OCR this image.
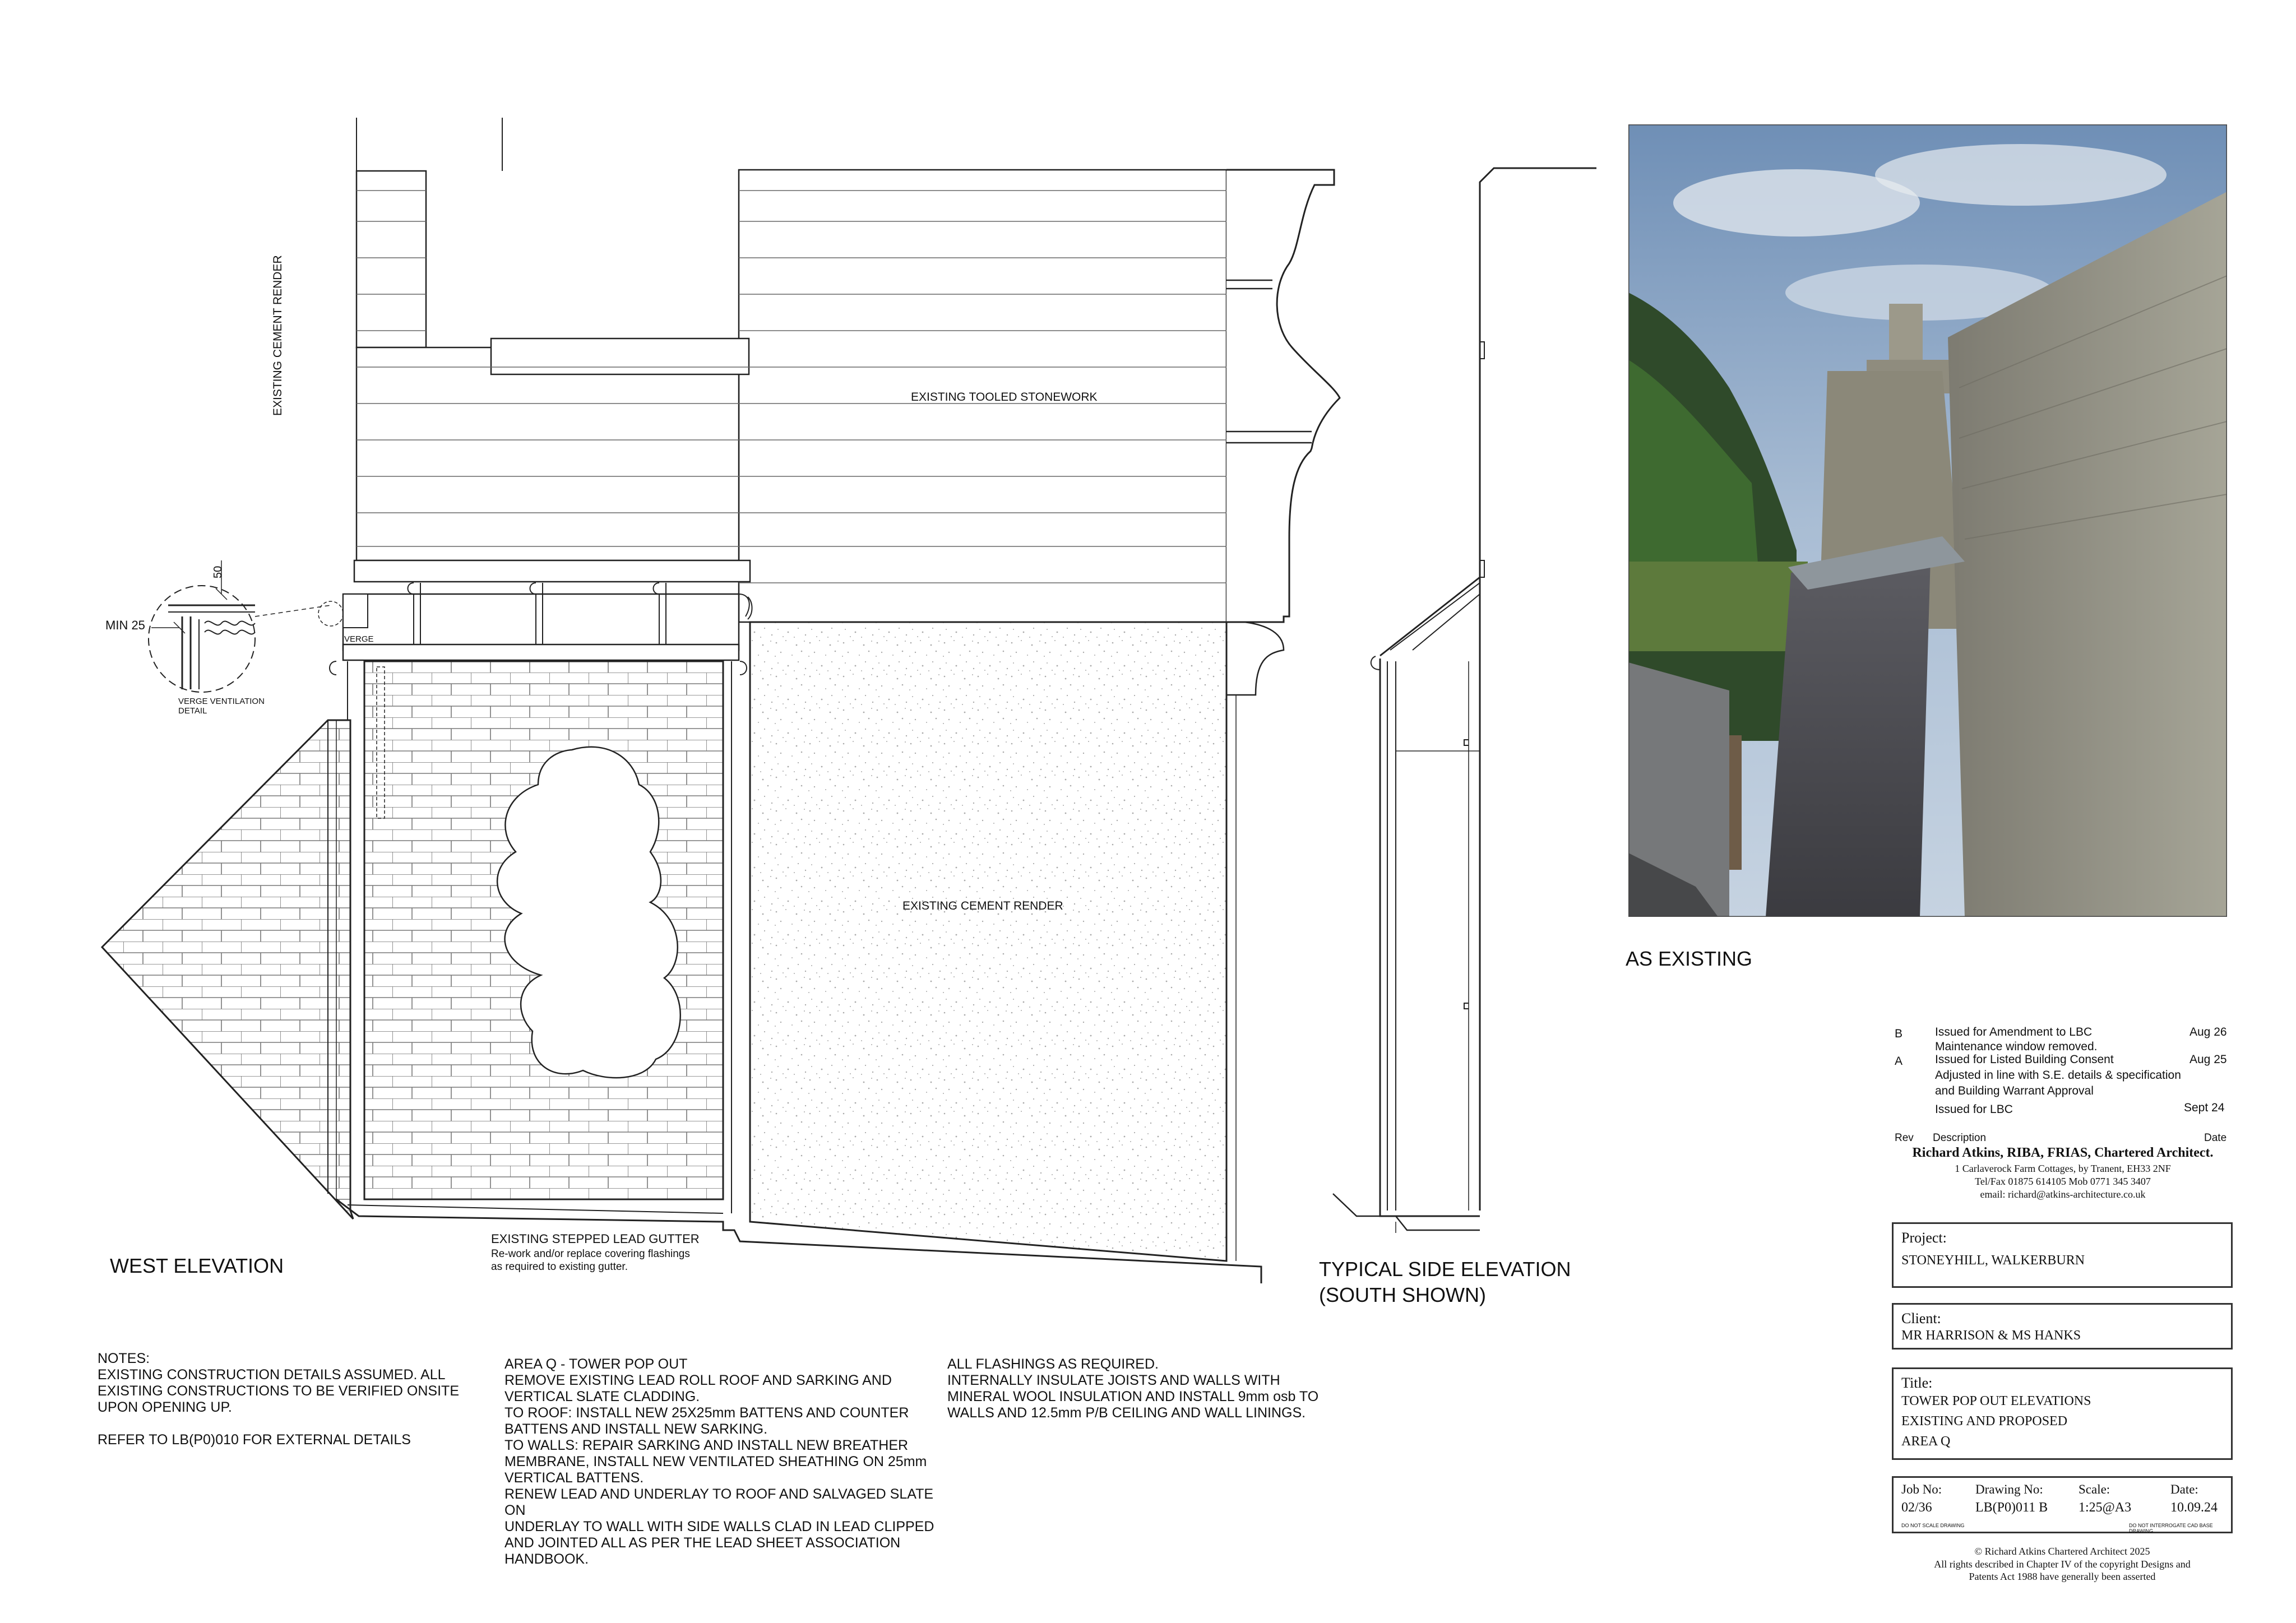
EXISTING TOOLED STONEWORK
EXISTING CEMENT RENDER
EXISTING CEMENT RENDER
VERGE
50
MIN 25
VERGE VENTILATION
DETAIL
EXISTING STEPPED LEAD GUTTER
Re-work and/or replace covering flashings
as required to existing gutter.
WEST ELEVATION	TYPICAL SIDE ELEVATION
(SOUTH SHOWN)
AS EXISTING
NOTES:
EXISTING CONSTRUCTION DETAILS ASSUMED. ALL
EXISTING CONSTRUCTIONS TO BE VERIFIED ONSITE
UPON OPENING UP.

REFER TO LB(P0)010 FOR EXTERNAL DETAILS
AREA Q - TOWER POP OUT
REMOVE EXISTING LEAD ROLL ROOF AND SARKING AND
VERTICAL SLATE CLADDING.
TO ROOF: INSTALL NEW 25X25mm BATTENS AND COUNTER
BATTENS AND INSTALL NEW SARKING.
TO WALLS: REPAIR SARKING AND INSTALL NEW BREATHER
MEMBRANE, INSTALL NEW VENTILATED SHEATHING ON 25mm
VERTICAL BATTENS.
RENEW LEAD AND UNDERLAY TO ROOF AND SALVAGED SLATE ON
UNDERLAY TO WALL WITH SIDE WALLS CLAD IN LEAD CLIPPED
AND JOINTED ALL AS PER THE LEAD SHEET ASSOCIATION
HANDBOOK.
ALL FLASHINGS AS REQUIRED.
INTERNALLY INSULATE JOISTS AND WALLS WITH
MINERAL WOOL INSULATION AND INSTALL 9mm osb TO
WALLS AND 12.5mm P/B CEILING AND WALL LININGS.
B	Issued for Amendment to LBC
Maintenance window removed.
Aug 26
A	Issued for Listed Building Consent
Adjusted in line with S.E. details & specification
and Building Warrant Approval
Aug 25
Issued for LBC	Sept 24
Rev Description	Date
Richard Atkins, RIBA, FRIAS, Chartered Architect.
1 Carlaverock Farm Cottages, by Tranent, EH33 2NF
Tel/Fax 01875 614105 Mob 0771 345 3407
email: richard@atkins-architecture.co.uk
Project:
STONEYHILL, WALKERBURN
Client:
MR HARRISON & MS HANKS
Title:
TOWER POP OUT ELEVATIONS
EXISTING AND PROPOSED
AREA Q
Job No:
02/36
Drawing No:
LB(P0)011 B
Scale:
1:25@A3
Date:
10.09.24
DO NOT SCALE DRAWING	DO NOT INTERROGATE CAD BASE DRAWING
© Richard Atkins Chartered Architect 2025
All rights described in Chapter IV of the copyright Designs and
Patents Act 1988 have generally been asserted
